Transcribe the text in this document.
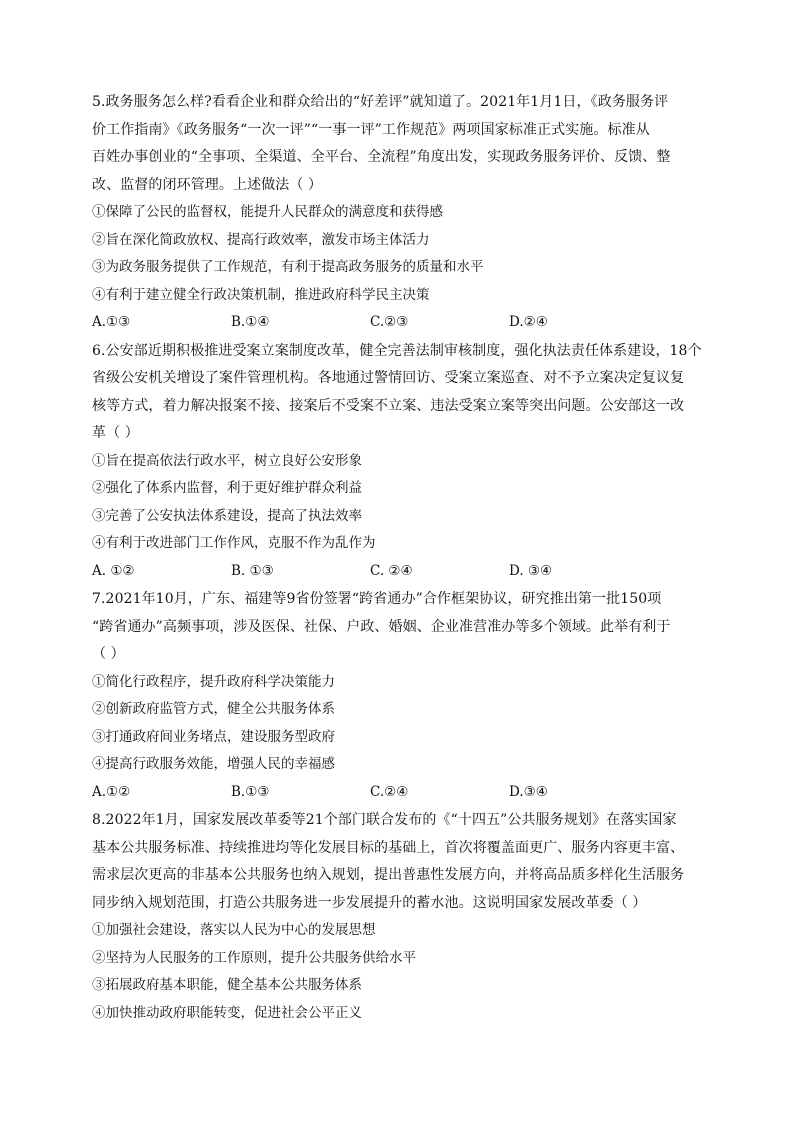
5.政务服务怎么样?看看企业和群众给出的“好差评”就知道了。2021年1月1日，《政务服务评
价工作指南》《政务服务“一次一评”“一事一评”工作规范》两项国家标准正式实施。标准从
百姓办事创业的“全事项、全渠道、全平台、全流程”角度出发，实现政务服务评价、反馈、整
改、监督的闭环管理。上述做法（ ）

①保障了公民的监督权，能提升人民群众的满意度和获得感

②旨在深化简政放权、提高行政效率，激发市场主体活力

③为政务服务提供了工作规范，有利于提高政务服务的质量和水平

④有利于建立健全行政决策机制，推进政府科学民主决策

A.①③	B.①④	C.②③	D.②④

6.公安部近期积极推进受案立案制度改革，健全完善法制审核制度，强化执法责任体系建设，18个
省级公安机关增设了案件管理机构。各地通过警情回访、受案立案巡查、对不予立案决定复议复
核等方式，着力解决报案不接、接案后不受案不立案、违法受案立案等突出问题。公安部这一改
革（ ）

①旨在提高依法行政水平，树立良好公安形象

②强化了体系内监督，利于更好维护群众利益

③完善了公安执法体系建设，提高了执法效率

④有利于改进部门工作作风，克服不作为乱作为

A. ①②	B. ①③	C. ②④	D. ③④

7.2021年10月，广东、福建等9省份签署“跨省通办”合作框架协议，研究推出第一批150项
“跨省通办”高频事项，涉及医保、社保、户政、婚姻、企业准营准办等多个领域。此举有利于
（ ）

①简化行政程序，提升政府科学决策能力

②创新政府监管方式，健全公共服务体系

③打通政府间业务堵点，建设服务型政府

④提高行政服务效能，增强人民的幸福感

A.①②	B.①③	C.②④	D.③④

8.2022年1月，国家发展改革委等21个部门联合发布的《“十四五”公共服务规划》在落实国家
基本公共服务标准、持续推进均等化发展目标的基础上，首次将覆盖面更广、服务内容更丰富、
需求层次更高的非基本公共服务也纳入规划，提出普惠性发展方向，并将高品质多样化生活服务
同步纳入规划范围，打造公共服务进一步发展提升的蓄水池。这说明国家发展改革委（ ）

①加强社会建设，落实以人民为中心的发展思想

②坚持为人民服务的工作原则，提升公共服务供给水平

③拓展政府基本职能，健全基本公共服务体系

④加快推动政府职能转变，促进社会公平正义
